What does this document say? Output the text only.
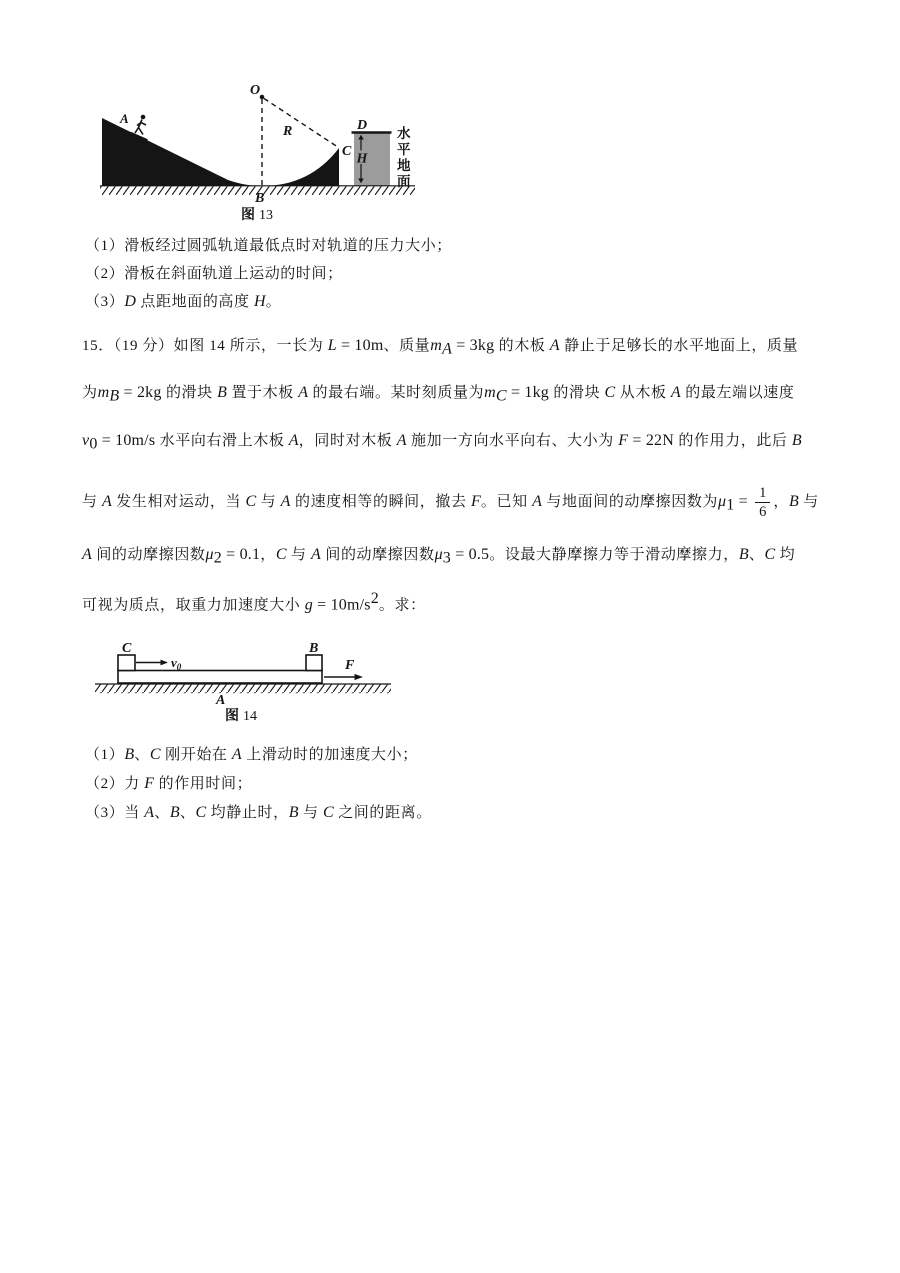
A
O
R
B
C
D
H
水
平
地
面
图 13
（1）滑板经过圆弧轨道最低点时对轨道的压力大小；
（2）滑板在斜面轨道上运动的时间；
（3）D 点距地面的高度 H。
15．（19 分）如图 14 所示，一长为 L = 10m、质量$m_A = 3kg$ 的木板 A 静止于足够长的水平地面上，质量
为$m_B = 2kg$ 的滑块 B 置于木板 A 的最右端。某时刻质量为$m_C = 1kg$ 的滑块 C 从木板 A 的最左端以速度
$v_0 = 10m/s$ 水平向右滑上木板 A，同时对木板 A 施加一方向水平向右、大小为 F = 22N 的作用力，此后 B
与 A 发生相对运动，当 C 与 A 的速度相等的瞬间，撤去 F。已知 A 与地面间的动摩擦因数为$\mu_1 = \frac{1}{6}$ ，B 与
A 间的动摩擦因数$\mu_2 = 0.1$，C 与 A 间的动摩擦因数$\mu_3 = 0.5$。设最大静摩擦力等于滑动摩擦力，B、C 均
可视为质点，取重力加速度大小 $g = 10m/s^2$。求：
$v_0$	F
C	B
A
图 14
（1）B、C 刚开始在 A 上滑动时的加速度大小；
（2）力 F 的作用时间；
（3）当 A、B、C 均静止时，B 与 C 之间的距离。
